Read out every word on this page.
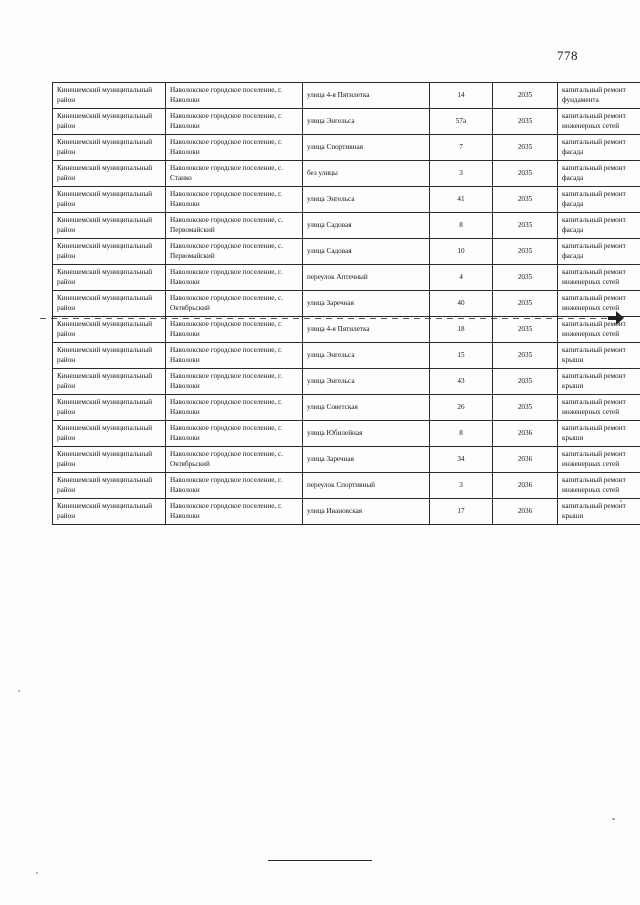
778
Кинешемский муниципальный район	Наволокское городское поселение, г. Наволоки	улица 4-я Пятилетка	14	2035	капитальный ремонт фундамента
Кинешемский муниципальный район	Наволокское городское поселение, г. Наволоки	улица Энгельса	57а	2035	капитальный ремонт инженерных сетей
Кинешемский муниципальный район	Наволокское городское поселение, г. Наволоки	улица Спортивная	7	2035	капитальный ремонт фасада
Кинешемский муниципальный район	Наволокское городское поселение, с. Станко	без улицы	3	2035	капитальный ремонт фасада
Кинешемский муниципальный район	Наволокское городское поселение, г. Наволоки	улица Энгельса	41	2035	капитальный ремонт фасада
Кинешемский муниципальный район	Наволокское городское поселение, с. Первомайский	улица Садовая	8	2035	капитальный ремонт фасада
Кинешемский муниципальный район	Наволокское городское поселение, с. Первомайский	улица Садовая	10	2035	капитальный ремонт фасада
Кинешемский муниципальный район	Наволокское городское поселение, г. Наволоки	переулок Аптечный	4	2035	капитальный ремонт инженерных сетей
Кинешемский муниципальный район	Наволокское городское поселение, с. Октябрьский	улица Заречная	40	2035	капитальный ремонт инженерных сетей
Кинешемский муниципальный район	Наволокское городское поселение, г. Наволоки	улица 4-я Пятилетка	18	2035	капитальный ремонт инженерных сетей
Кинешемский муниципальный район	Наволокское городское поселение, г. Наволоки	улица Энгельса	15	2035	капитальный ремонт крыши
Кинешемский муниципальный район	Наволокское городское поселение, г. Наволоки	улица Энгельса	43	2035	капитальный ремонт крыши
Кинешемский муниципальный район	Наволокское городское поселение, г. Наволоки	улица Советская	26	2035	капитальный ремонт инженерных сетей
Кинешемский муниципальный район	Наволокское городское поселение, г. Наволоки	улица Юбилейная	8	2036	капитальный ремонт крыши
Кинешемский муниципальный район	Наволокское городское поселение, с. Октябрьский	улица Заречная	34	2036	капитальный ремонт инженерных сетей
Кинешемский муниципальный район	Наволокское городское поселение, г. Наволоки	переулок Спортивный	3	2036	капитальный ремонт инженерных сетей
Кинешемский муниципальный район	Наволокское городское поселение, г. Наволоки	улица Ивановская	17	2036	капитальный ремонт крыши
